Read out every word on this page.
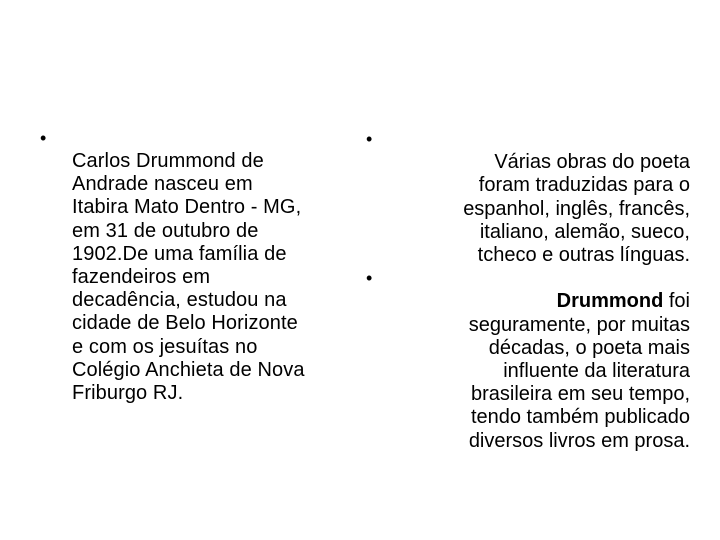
•
Carlos Drummond de
Andrade nasceu em
Itabira Mato Dentro - MG,
em 31 de outubro de
1902.De uma família de
fazendeiros em
decadência, estudou na
cidade de Belo Horizonte
e com os jesuítas no
Colégio Anchieta de Nova
Friburgo RJ.

•
Várias obras do poeta
foram traduzidas para o
espanhol, inglês, francês,
italiano, alemão, sueco,
tcheco e outras línguas.

•
Drummond foi
seguramente, por muitas
décadas, o poeta mais
influente da literatura
brasileira em seu tempo,
tendo também publicado
diversos livros em prosa.
